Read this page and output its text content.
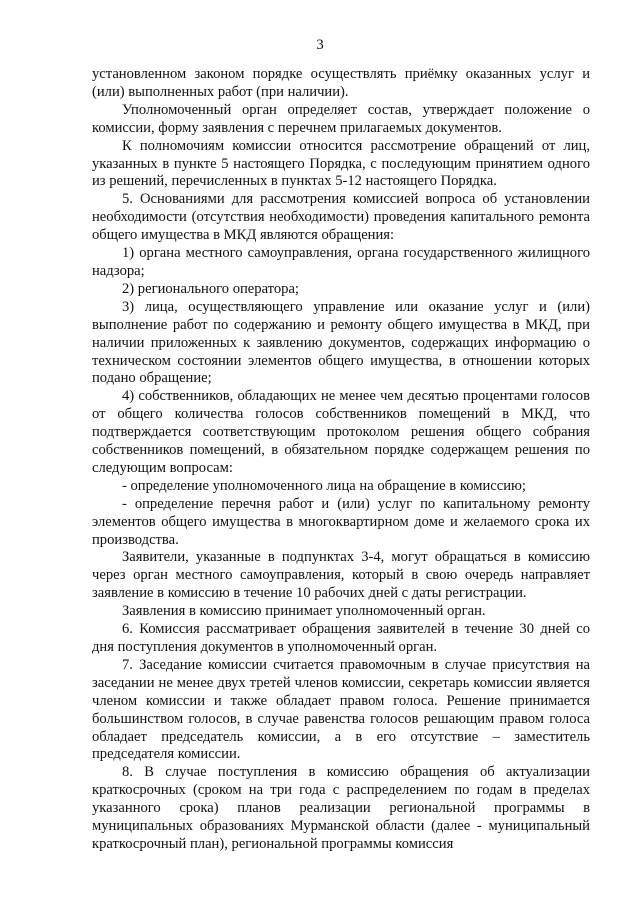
3

установленном законом порядке осуществлять приёмку оказанных услуг и (или) выполненных работ (при наличии).

Уполномоченный орган определяет состав, утверждает положение о комиссии, форму заявления с перечнем прилагаемых документов.

К полномочиям комиссии относится рассмотрение обращений от лиц, указанных в пункте 5 настоящего Порядка, с последующим принятием одного из решений, перечисленных в пунктах 5-12 настоящего Порядка.

5. Основаниями для рассмотрения комиссией вопроса об установлении необходимости (отсутствия необходимости) проведения капитального ремонта общего имущества в МКД являются обращения:

1) органа местного самоуправления, органа государственного жилищного надзора;

2) регионального оператора;

3) лица, осуществляющего управление или оказание услуг и (или) выполнение работ по содержанию и ремонту общего имущества в МКД, при наличии приложенных к заявлению документов, содержащих информацию о техническом состоянии элементов общего имущества, в отношении которых подано обращение;

4) собственников, обладающих не менее чем десятью процентами голосов от общего количества голосов собственников помещений в МКД, что подтверждается соответствующим протоколом решения общего собрания собственников помещений, в обязательном порядке содержащем решения по следующим вопросам:

- определение уполномоченного лица на обращение в комиссию;

- определение перечня работ и (или) услуг по капитальному ремонту элементов общего имущества в многоквартирном доме и желаемого срока их производства.

Заявители, указанные в подпунктах 3-4, могут обращаться в комиссию через орган местного самоуправления, который в свою очередь направляет заявление в комиссию в течение 10 рабочих дней с даты регистрации.

Заявления в комиссию принимает уполномоченный орган.

6. Комиссия рассматривает обращения заявителей в течение 30 дней со дня поступления документов в уполномоченный орган.

7. Заседание комиссии считается правомочным в случае присутствия на заседании не менее двух третей членов комиссии, секретарь комиссии является членом комиссии и также обладает правом голоса. Решение принимается большинством голосов, в случае равенства голосов решающим правом голоса обладает председатель комиссии, а в его отсутствие – заместитель председателя комиссии.

8. В случае поступления в комиссию обращения об актуализации краткосрочных (сроком на три года с распределением по годам в пределах указанного срока) планов реализации региональной программы в муниципальных образованиях Мурманской области (далее - муниципальный краткосрочный план), региональной программы комиссия
